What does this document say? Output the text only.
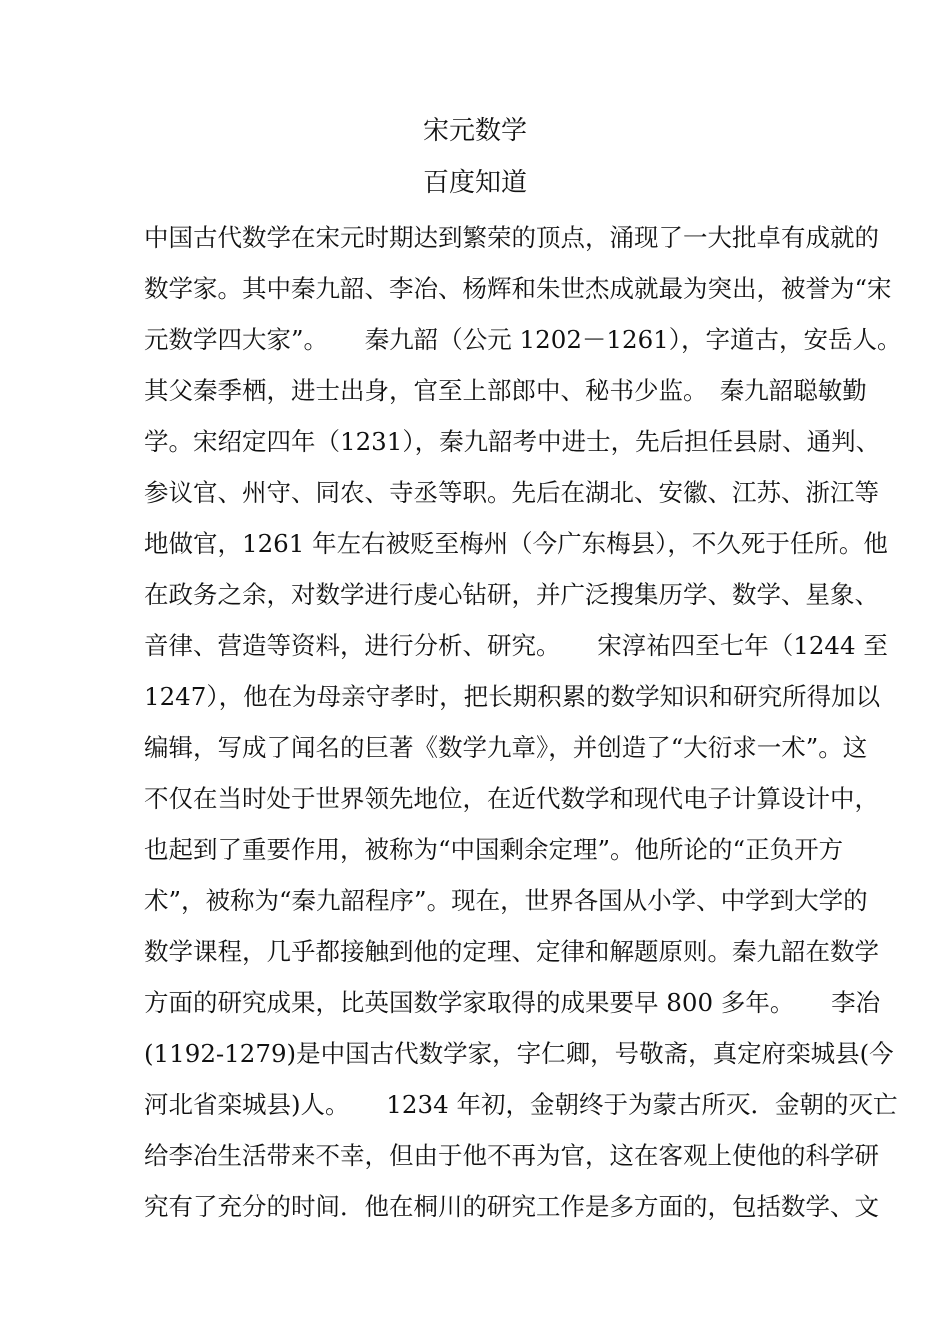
宋元数学
百度知道
中国古代数学在宋元时期达到繁荣的顶点，涌现了一大批卓有成就的
数学家。其中秦九韶、李冶、杨辉和朱世杰成就最为突出，被誉为“宋
元数学四大家”。　　秦九韶（公元 1202－1261），字道古，安岳人。
其父秦季栖，进士出身，官至上部郎中、秘书少监。　秦九韶聪敏勤
学。宋绍定四年（1231），秦九韶考中进士，先后担任县尉、通判、
参议官、州守、同农、寺丞等职。先后在湖北、安徽、江苏、浙江等
地做官，1261 年左右被贬至梅州（今广东梅县），不久死于任所。他
在政务之余，对数学进行虔心钻研，并广泛搜集历学、数学、星象、
音律、营造等资料，进行分析、研究。　　宋淳祐四至七年（1244 至
1247），他在为母亲守孝时，把长期积累的数学知识和研究所得加以
编辑，写成了闻名的巨著《数学九章》，并创造了“大衍求一术”。这
不仅在当时处于世界领先地位，在近代数学和现代电子计算设计中，
也起到了重要作用，被称为“中国剩余定理”。他所论的“正负开方
术”，被称为“秦九韶程序”。现在，世界各国从小学、中学到大学的
数学课程，几乎都接触到他的定理、定律和解题原则。秦九韶在数学
方面的研究成果，比英国数学家取得的成果要早 800 多年。　　李冶
(1192-1279)是中国古代数学家，字仁卿，号敬斋，真定府栾城县(今
河北省栾城县)人。　　1234 年初，金朝终于为蒙古所灭．金朝的灭亡
给李冶生活带来不幸，但由于他不再为官，这在客观上使他的科学研
究有了充分的时间．他在桐川的研究工作是多方面的，包括数学、文
